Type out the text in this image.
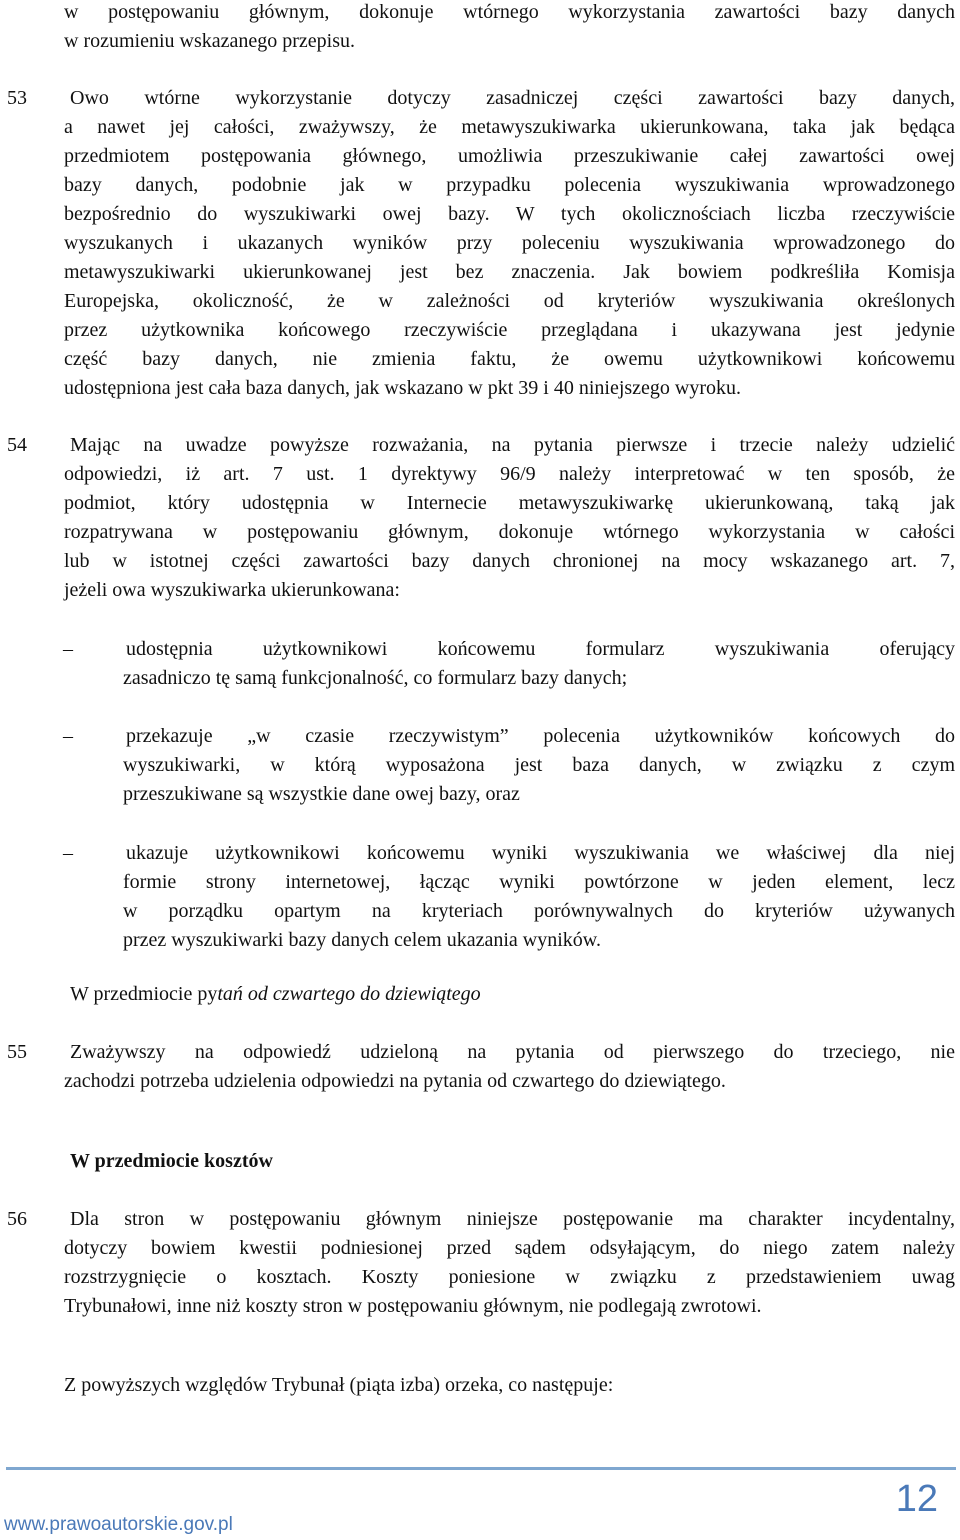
w postępowaniu głównym, dokonuje wtórnego wykorzystania zawartości bazy danych
w rozumieniu wskazanego przepisu.
53 Owo wtórne wykorzystanie dotyczy zasadniczej części zawartości bazy danych,
a nawet jej całości, zważywszy, że metawyszukiwarka ukierunkowana, taka jak będąca
przedmiotem postępowania głównego, umożliwia przeszukiwanie całej zawartości owej
bazy danych, podobnie jak w przypadku polecenia wyszukiwania wprowadzonego
bezpośrednio do wyszukiwarki owej bazy. W tych okolicznościach liczba rzeczywiście
wyszukanych i ukazanych wyników przy poleceniu wyszukiwania wprowadzonego do
metawyszukiwarki ukierunkowanej jest bez znaczenia. Jak bowiem podkreśliła Komisja
Europejska, okoliczność, że w zależności od kryteriów wyszukiwania określonych
przez użytkownika końcowego rzeczywiście przeglądana i ukazywana jest jedynie
część bazy danych, nie zmienia faktu, że owemu użytkownikowi końcowemu
udostępniona jest cała baza danych, jak wskazano w pkt 39 i 40 niniejszego wyroku.
54 Mając na uwadze powyższe rozważania, na pytania pierwsze i trzecie należy udzielić
odpowiedzi, iż art. 7 ust. 1 dyrektywy 96/9 należy interpretować w ten sposób, że
podmiot, który udostępnia w Internecie metawyszukiwarkę ukierunkowaną, taką jak
rozpatrywana w postępowaniu głównym, dokonuje wtórnego wykorzystania w całości
lub w istotnej części zawartości bazy danych chronionej na mocy wskazanego art. 7,
jeżeli owa wyszukiwarka ukierunkowana:
–	udostępnia użytkownikowi końcowemu formularz wyszukiwania oferujący
zasadniczo tę samą funkcjonalność, co formularz bazy danych;
–	przekazuje „w czasie rzeczywistym” polecenia użytkowników końcowych do
wyszukiwarki, w którą wyposażona jest baza danych, w związku z czym
przeszukiwane są wszystkie dane owej bazy, oraz
–	ukazuje użytkownikowi końcowemu wyniki wyszukiwania we właściwej dla niej
formie strony internetowej, łącząc wyniki powtórzone w jeden element, lecz
w porządku opartym na kryteriach porównywalnych do kryteriów używanych
przez wyszukiwarki bazy danych celem ukazania wyników.
W przedmiocie pytań od czwartego do dziewiątego
55 Zważywszy na odpowiedź udzieloną na pytania od pierwszego do trzeciego, nie
zachodzi potrzeba udzielenia odpowiedzi na pytania od czwartego do dziewiątego.
W przedmiocie kosztów
56 Dla stron w postępowaniu głównym niniejsze postępowanie ma charakter incydentalny,
dotyczy bowiem kwestii podniesionej przed sądem odsyłającym, do niego zatem należy
rozstrzygnięcie o kosztach. Koszty poniesione w związku z przedstawieniem uwag
Trybunałowi, inne niż koszty stron w postępowaniu głównym, nie podlegają zwrotowi.
Z powyższych względów Trybunał (piąta izba) orzeka, co następuje:
12
www.prawoautorskie.gov.pl
